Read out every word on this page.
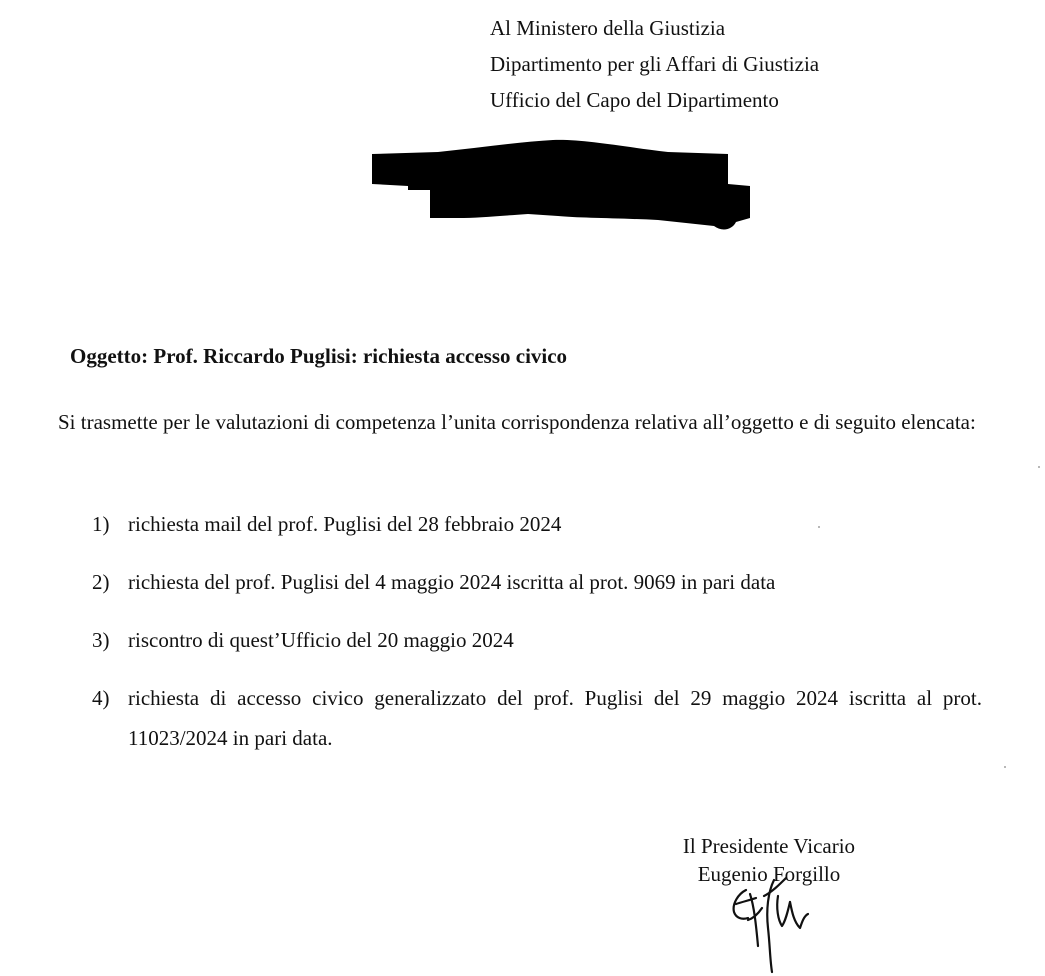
Al Ministero della Giustizia
Dipartimento per gli Affari di Giustizia
Ufficio del Capo del Dipartimento
Oggetto: Prof. Riccardo Puglisi: richiesta accesso civico
Si trasmette per le valutazioni di competenza l’unita corrispondenza relativa all’oggetto e di seguito elencata:
1) richiesta mail del prof. Puglisi del 28 febbraio 2024
2) richiesta del prof. Puglisi del 4 maggio 2024 iscritta al prot. 9069 in pari data
3) riscontro di quest’Ufficio del 20 maggio 2024
4) richiesta di accesso civico generalizzato del prof. Puglisi del 29 maggio 2024 iscritta al prot. 11023/2024 in pari data.
Il Presidente Vicario
Eugenio Forgillo
